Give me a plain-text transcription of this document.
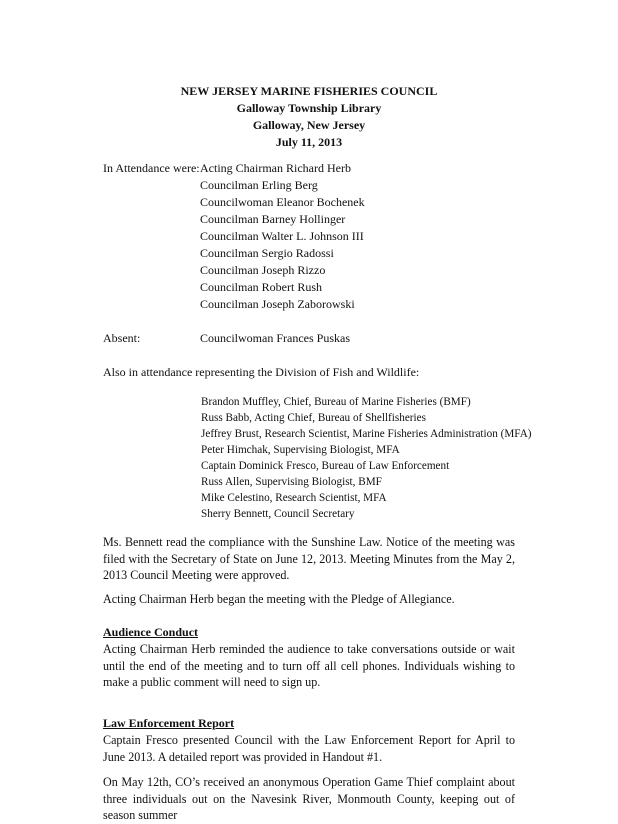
NEW JERSEY MARINE FISHERIES COUNCIL
Galloway Township Library
Galloway, New Jersey
July 11, 2013
In Attendance were: Acting Chairman Richard Herb
Councilman Erling Berg
Councilwoman Eleanor Bochenek
Councilman Barney Hollinger
Councilman Walter L. Johnson III
Councilman Sergio Radossi
Councilman Joseph Rizzo
Councilman Robert Rush
Councilman Joseph Zaborowski
Absent:	Councilwoman Frances Puskas
Also in attendance representing the Division of Fish and Wildlife:
Brandon Muffley, Chief, Bureau of Marine Fisheries (BMF)
Russ Babb, Acting Chief, Bureau of Shellfisheries
Jeffrey Brust, Research Scientist, Marine Fisheries Administration (MFA)
Peter Himchak, Supervising Biologist, MFA
Captain Dominick Fresco, Bureau of Law Enforcement
Russ Allen, Supervising Biologist, BMF
Mike Celestino, Research Scientist, MFA
Sherry Bennett, Council Secretary
Ms. Bennett read the compliance with the Sunshine Law. Notice of the meeting was filed with the Secretary of State on June 12, 2013. Meeting Minutes from the May 2, 2013 Council Meeting were approved.
Acting Chairman Herb began the meeting with the Pledge of Allegiance.
Audience Conduct
Acting Chairman Herb reminded the audience to take conversations outside or wait until the end of the meeting and to turn off all cell phones. Individuals wishing to make a public comment will need to sign up.
Law Enforcement Report
Captain Fresco presented Council with the Law Enforcement Report for April to June 2013. A detailed report was provided in Handout #1.
On May 12th, CO’s received an anonymous Operation Game Thief complaint about three individuals out on the Navesink River, Monmouth County, keeping out of season summer
